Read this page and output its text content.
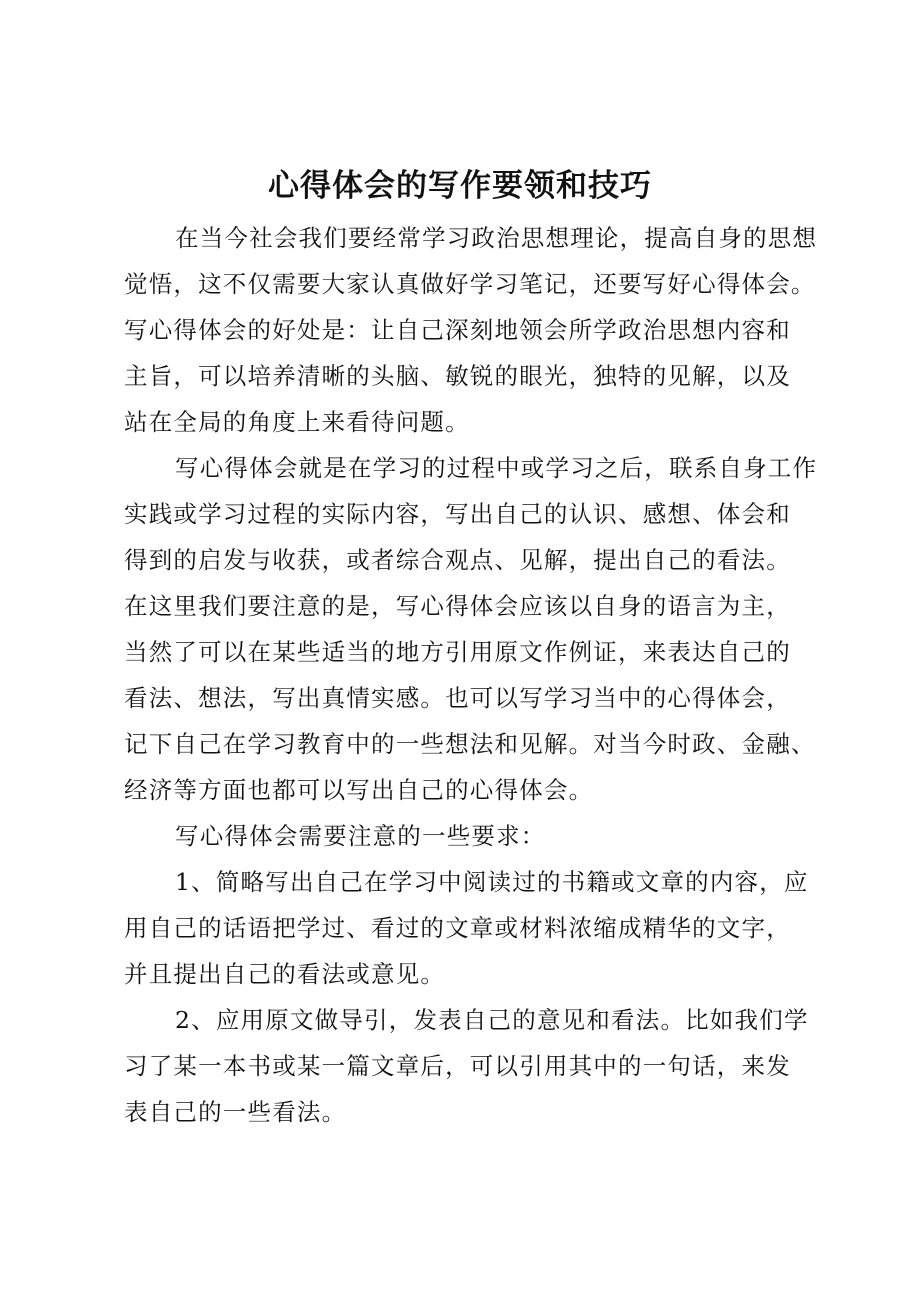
心得体会的写作要领和技巧
在当今社会我们要经常学习政治思想理论，提高自身的思想
觉悟，这不仅需要大家认真做好学习笔记，还要写好心得体会。
写心得体会的好处是：让自己深刻地领会所学政治思想内容和
主旨，可以培养清晰的头脑、敏锐的眼光，独特的见解，以及
站在全局的角度上来看待问题。
写心得体会就是在学习的过程中或学习之后，联系自身工作
实践或学习过程的实际内容，写出自己的认识、感想、体会和
得到的启发与收获，或者综合观点、见解，提出自己的看法。
在这里我们要注意的是，写心得体会应该以自身的语言为主，
当然了可以在某些适当的地方引用原文作例证，来表达自己的
看法、想法，写出真情实感。也可以写学习当中的心得体会，
记下自己在学习教育中的一些想法和见解。对当今时政、金融、
经济等方面也都可以写出自己的心得体会。
写心得体会需要注意的一些要求：
1、简略写出自己在学习中阅读过的书籍或文章的内容，应
用自己的话语把学过、看过的文章或材料浓缩成精华的文字，
并且提出自己的看法或意见。
2、应用原文做导引，发表自己的意见和看法。比如我们学
习了某一本书或某一篇文章后，可以引用其中的一句话，来发
表自己的一些看法。
